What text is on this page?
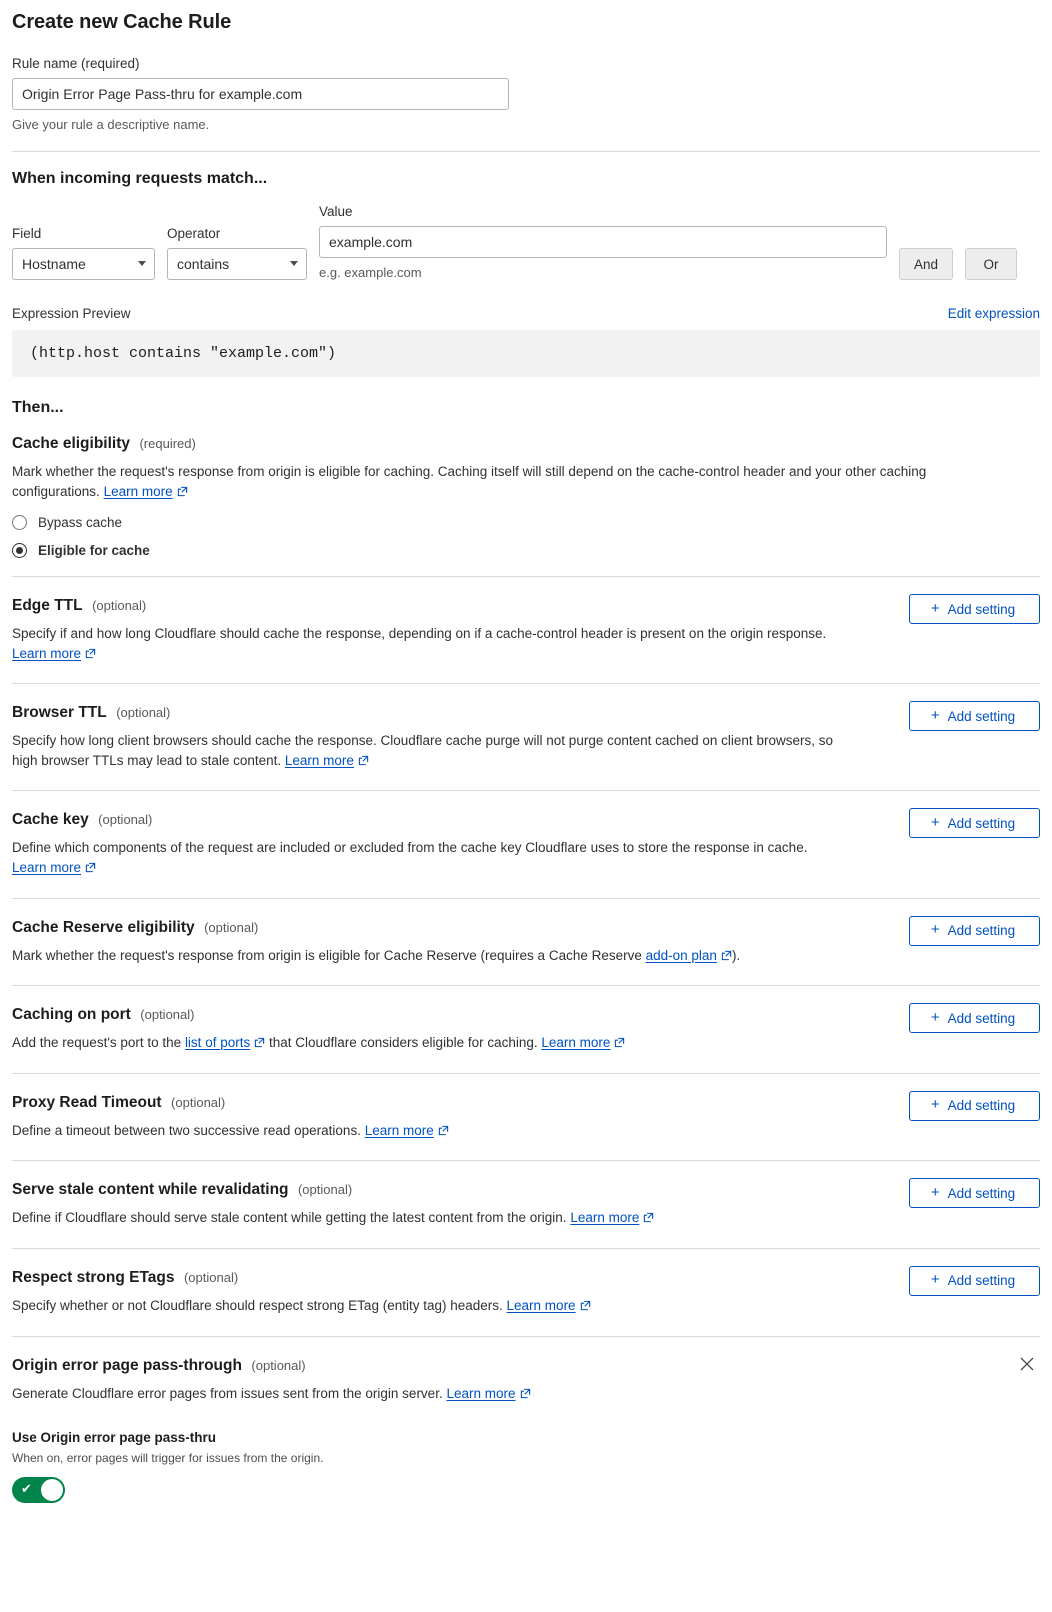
Create new Cache Rule
Rule name (required)
Origin Error Page Pass-thru for example.com
Give your rule a descriptive name.
When incoming requests match...
Field
Hostname	Operator
contains
Value
example.com
e.g. example.com
And	Or
Expression Preview	Edit expression
(http.host contains "example.com")
Then...
Cache eligibility (required)

Mark whether the request's response from origin is eligible for caching. Caching itself will still depend on the cache-control header and your other caching configurations. Learn more

Bypass cache
Eligible for cache
Edge TTL (optional)

Specify if and how long Cloudflare should cache the response, depending on if a cache-control header is present on the origin response. Learn more

+ Add setting
Browser TTL (optional)

Specify how long client browsers should cache the response. Cloudflare cache purge will not purge content cached on client browsers, so high browser TTLs may lead to stale content. Learn more

+ Add setting
Cache key (optional)

Define which components of the request are included or excluded from the cache key Cloudflare uses to store the response in cache. Learn more

+ Add setting
Cache Reserve eligibility (optional)

Mark whether the request's response from origin is eligible for Cache Reserve (requires a Cache Reserve add-on plan ).

+ Add setting
Caching on port (optional)

Add the request's port to the list of ports that Cloudflare considers eligible for caching. Learn more

+ Add setting
Proxy Read Timeout (optional)

Define a timeout between two successive read operations. Learn more

+ Add setting
Serve stale content while revalidating (optional)

Define if Cloudflare should serve stale content while getting the latest content from the origin. Learn more

+ Add setting
Respect strong ETags (optional)

Specify whether or not Cloudflare should respect strong ETag (entity tag) headers. Learn more

+ Add setting
Origin error page pass-through (optional)

Generate Cloudflare error pages from issues sent from the origin server. Learn more

Use Origin error page pass-thru
When on, error pages will trigger for issues from the origin.
✔
